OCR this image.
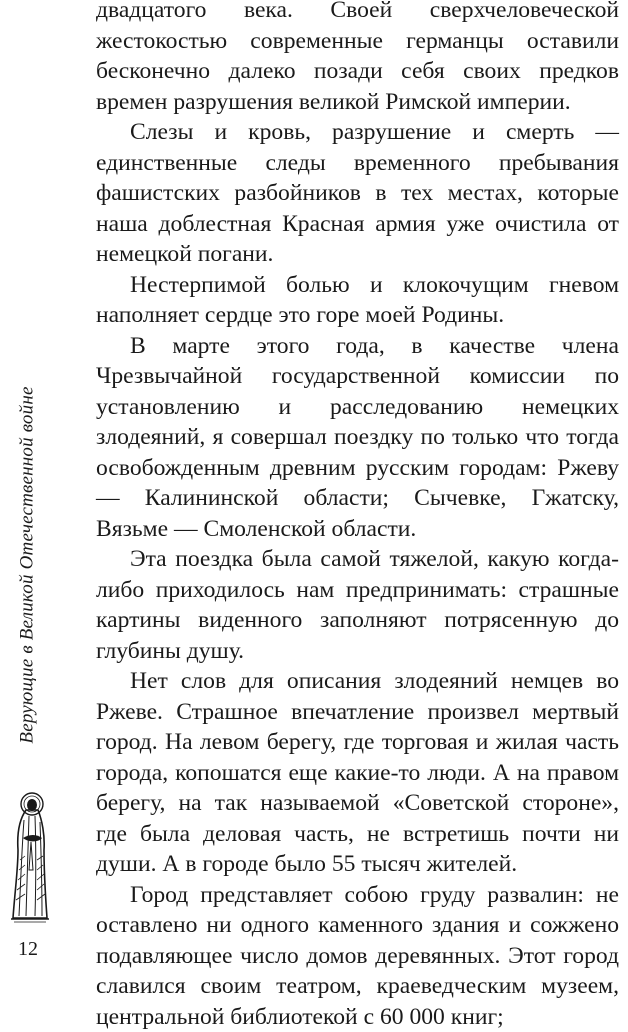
Верующие в Великой Отечественной войне
12

двадцатого века. Своей сверхчеловеческой жестокостью современные германцы оставили бесконечно далеко позади себя своих предков времен разрушения великой Римской империи.

Слезы и кровь, разрушение и смерть — единственные следы временного пребывания фашистских разбойников в тех местах, которые наша доблестная Красная армия уже очистила от немецкой погани.

Нестерпимой болью и клокочущим гневом наполняет сердце это горе моей Родины.

В марте этого года, в качестве члена Чрезвычайной государственной комиссии по установлению и расследованию немецких злодеяний, я совершал поездку по только что тогда освобожденным древним русским городам: Ржеву — Калининской области; Сычевке, Гжатску, Вязьме — Смоленской области.

Эта поездка была самой тяжелой, какую когда-либо приходилось нам предпринимать: страшные картины виденного заполняют потрясенную до глубины душу.

Нет слов для описания злодеяний немцев во Ржеве. Страшное впечатление произвел мертвый город. На левом берегу, где торговая и жилая часть города, копошатся еще какие-то люди. А на правом берегу, на так называемой «Советской стороне», где была деловая часть, не встретишь почти ни души. А в городе было 55 тысяч жителей.

Город представляет собою груду развалин: не оставлено ни одного каменного здания и сожжено подавляющее число домов деревянных. Этот город славился своим театром, краеведческим музеем, центральной библиотекой с 60 000 книг;
